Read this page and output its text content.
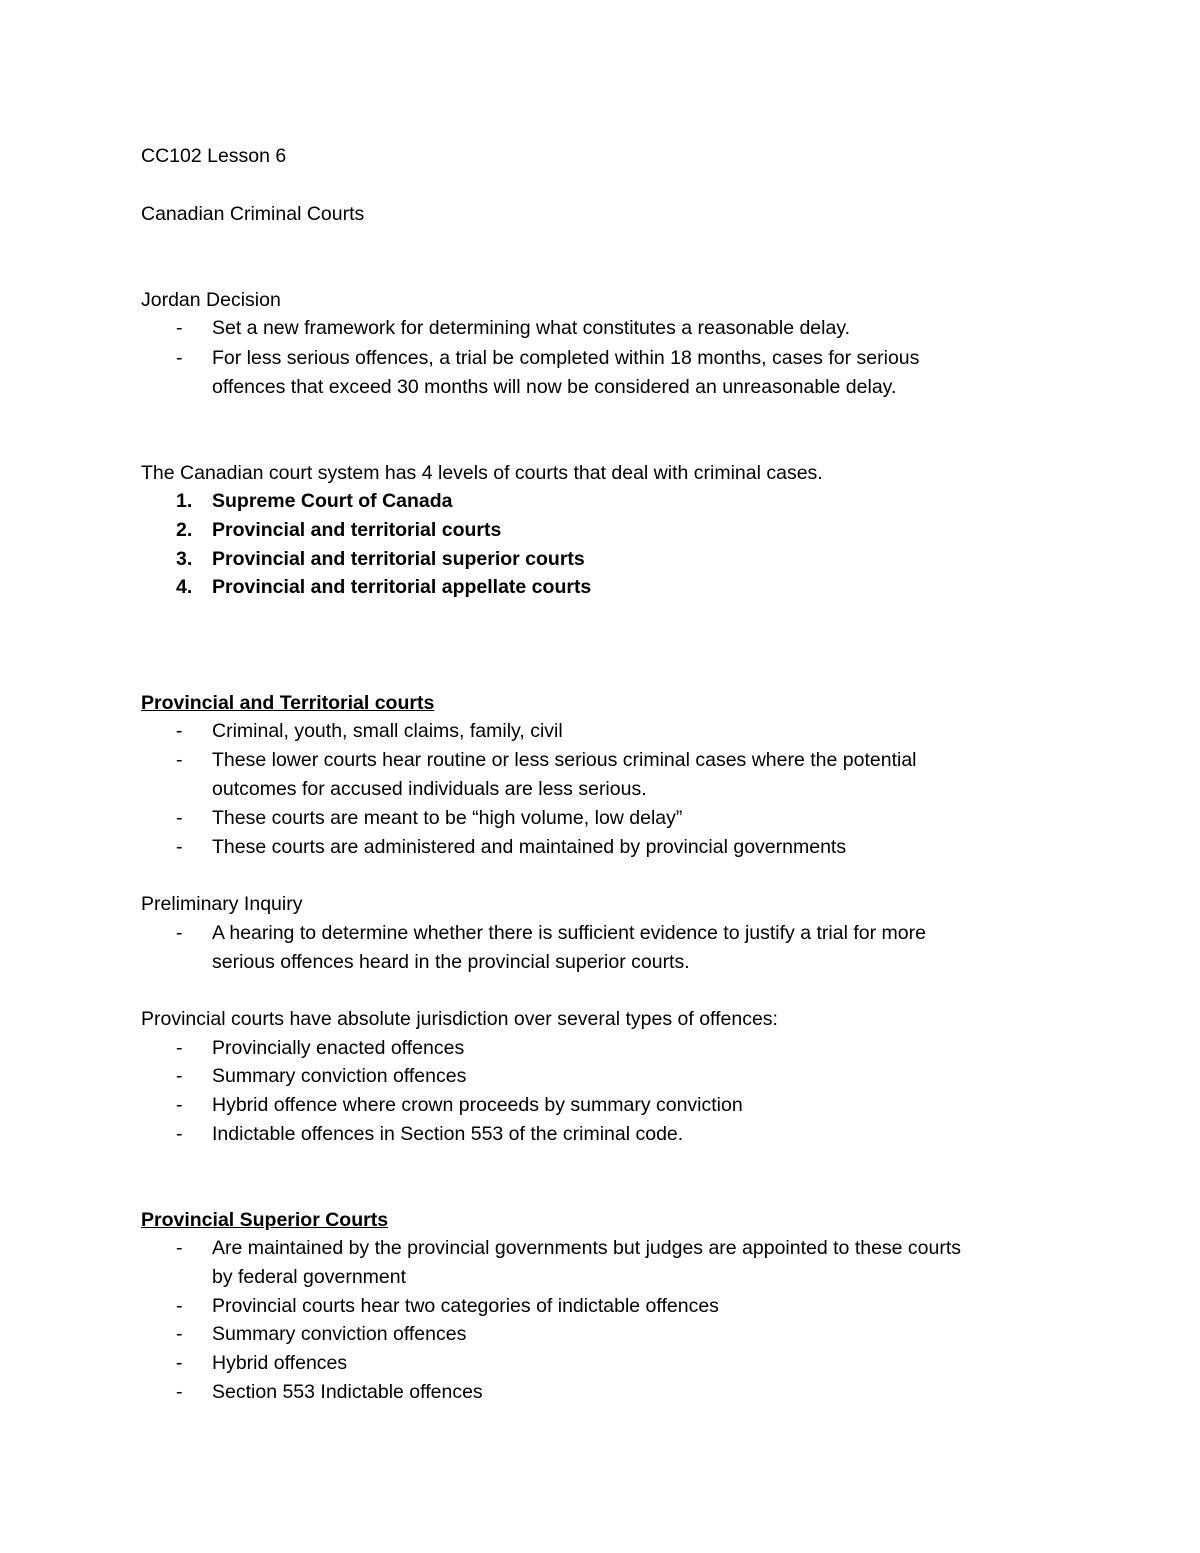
CC102 Lesson 6
Canadian Criminal Courts
Jordan Decision
- Set a new framework for determining what constitutes a reasonable delay.
- For less serious offences, a trial be completed within 18 months, cases for serious
offences that exceed 30 months will now be considered an unreasonable delay.
The Canadian court system has 4 levels of courts that deal with criminal cases.
1. Supreme Court of Canada
2. Provincial and territorial courts
3. Provincial and territorial superior courts
4. Provincial and territorial appellate courts
Provincial and Territorial courts
- Criminal, youth, small claims, family, civil
- These lower courts hear routine or less serious criminal cases where the potential
outcomes for accused individuals are less serious.
- These courts are meant to be “high volume, low delay”
- These courts are administered and maintained by provincial governments
Preliminary Inquiry
- A hearing to determine whether there is sufficient evidence to justify a trial for more
serious offences heard in the provincial superior courts.
Provincial courts have absolute jurisdiction over several types of offences:
- Provincially enacted offences
- Summary conviction offences
- Hybrid offence where crown proceeds by summary conviction
- Indictable offences in Section 553 of the criminal code.
Provincial Superior Courts
- Are maintained by the provincial governments but judges are appointed to these courts
by federal government
- Provincial courts hear two categories of indictable offences
- Summary conviction offences
- Hybrid offences
- Section 553 Indictable offences
